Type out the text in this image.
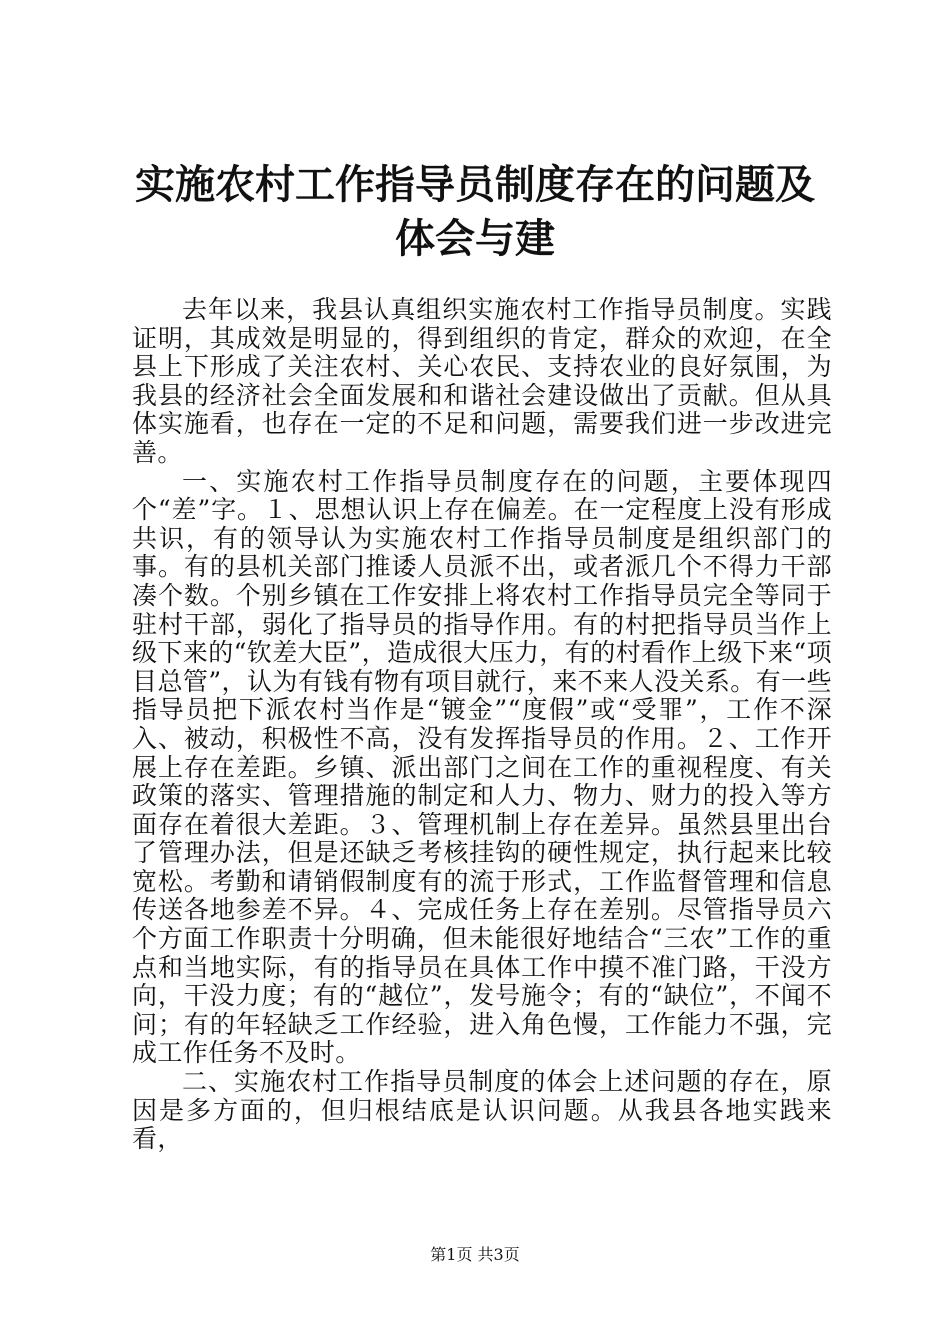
实施农村工作指导员制度存在的问题及体会与建

去年以来，我县认真组织实施农村工作指导员制度。实践证明，其成效是明显的，得到组织的肯定，群众的欢迎，在全县上下形成了关注农村、关心农民、支持农业的良好氛围，为我县的经济社会全面发展和和谐社会建设做出了贡献。但从具体实施看，也存在一定的不足和问题，需要我们进一步改进完善。

一、实施农村工作指导员制度存在的问题，主要体现四个“差”字。１、思想认识上存在偏差。在一定程度上没有形成共识，有的领导认为实施农村工作指导员制度是组织部门的事。有的县机关部门推诿人员派不出，或者派几个不得力干部凑个数。个别乡镇在工作安排上将农村工作指导员完全等同于驻村干部，弱化了指导员的指导作用。有的村把指导员当作上级下来的“钦差大臣”，造成很大压力，有的村看作上级下来“项目总管”，认为有钱有物有项目就行，来不来人没关系。有一些指导员把下派农村当作是“镀金”“度假”或“受罪”，工作不深入、被动，积极性不高，没有发挥指导员的作用。２、工作开展上存在差距。乡镇、派出部门之间在工作的重视程度、有关政策的落实、管理措施的制定和人力、物力、财力的投入等方面存在着很大差距。３、管理机制上存在差异。虽然县里出台了管理办法，但是还缺乏考核挂钩的硬性规定，执行起来比较宽松。考勤和请销假制度有的流于形式，工作监督管理和信息传送各地参差不异。４、完成任务上存在差别。尽管指导员六个方面工作职责十分明确，但未能很好地结合“三农”工作的重点和当地实际，有的指导员在具体工作中摸不准门路，干没方向，干没力度；有的“越位”，发号施令；有的“缺位”，不闻不问；有的年轻缺乏工作经验，进入角色慢，工作能力不强，完成工作任务不及时。

二、实施农村工作指导员制度的体会上述问题的存在，原因是多方面的，但归根结底是认识问题。从我县各地实践来看，

第1页 共3页
